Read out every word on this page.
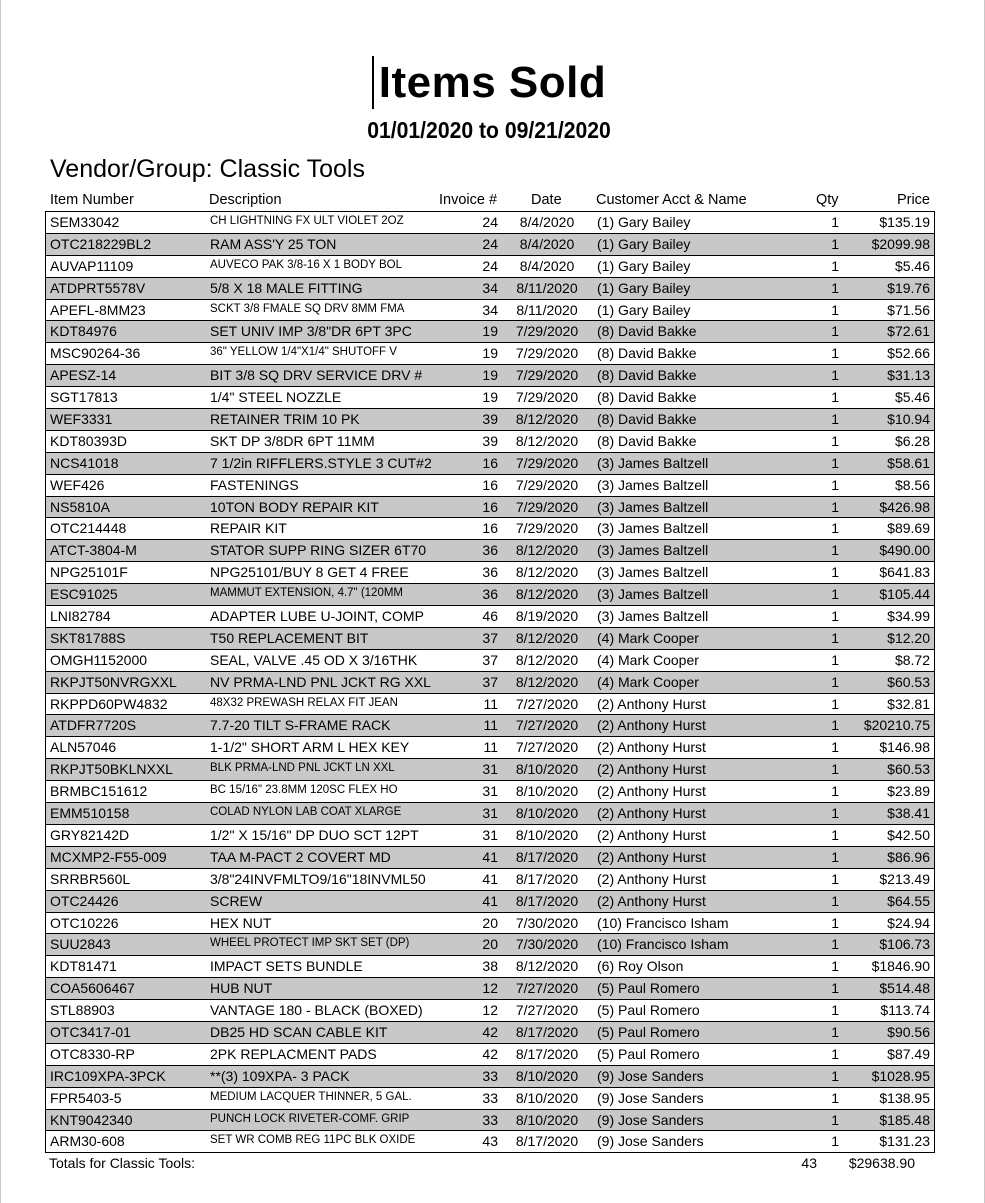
Items Sold
01/01/2020 to 09/21/2020
Vendor/Group: Classic Tools
Item Number	Description	Invoice # Date Customer Acct & Name	Qty	Price
SEM33042	CH LIGHTNING FX ULT VIOLET 2OZ	24	8/4/2020	(1) Gary Bailey	1	$135.19
OTC218229BL2	RAM ASS'Y 25 TON	24	8/4/2020	(1) Gary Bailey	1 $2099.98
AUVAP11109	AUVECO PAK 3/8-16 X 1 BODY BOL	24	8/4/2020	(1) Gary Bailey	1	$5.46
ATDPRT5578V	5/8 X 18 MALE FITTING	34	8/11/2020	(1) Gary Bailey	1	$19.76
APEFL-8MM23	SCKT 3/8 FMALE SQ DRV 8MM FMA	34	8/11/2020	(1) Gary Bailey	1	$71.56
KDT84976	SET UNIV IMP 3/8"DR 6PT 3PC	19 7/29/2020 (8) David Bakke	1	$72.61
MSC90264-36	36" YELLOW 1/4"X1/4" SHUTOFF V	19 7/29/2020 (8) David Bakke	1	$52.66
APESZ-14	BIT 3/8 SQ DRV SERVICE DRV #	19 7/29/2020 (8) David Bakke	1	$31.13
SGT17813	1/4" STEEL NOZZLE	19 7/29/2020 (8) David Bakke	1	$5.46
WEF3331	RETAINER TRIM 10 PK	39 8/12/2020 (8) David Bakke	1	$10.94
KDT80393D	SKT DP 3/8DR 6PT 11MM	39 8/12/2020 (8) David Bakke	1	$6.28
NCS41018	7 1/2in RIFFLERS.STYLE 3 CUT#2	16 7/29/2020 (3) James Baltzell	1	$58.61
WEF426	FASTENINGS	16 7/29/2020 (3) James Baltzell	1	$8.56
NS5810A	10TON BODY REPAIR KIT	16 7/29/2020 (3) James Baltzell	1	$426.98
OTC214448	REPAIR KIT	16 7/29/2020 (3) James Baltzell	1	$89.69
ATCT-3804-M	STATOR SUPP RING SIZER 6T70	36 8/12/2020 (3) James Baltzell	1	$490.00
NPG25101F	NPG25101/BUY 8 GET 4 FREE	36 8/12/2020 (3) James Baltzell	1	$641.83
ESC91025	MAMMUT EXTENSION, 4.7" (120MM	36 8/12/2020 (3) James Baltzell	1	$105.44
LNI82784	ADAPTER LUBE U-JOINT, COMP	46 8/19/2020 (3) James Baltzell	1	$34.99
SKT81788S	T50 REPLACEMENT BIT	37 8/12/2020 (4) Mark Cooper	1	$12.20
OMGH1152000	SEAL, VALVE .45 OD X 3/16THK	37 8/12/2020 (4) Mark Cooper	1	$8.72
RKPJT50NVRGXXL NV PRMA-LND PNL JCKT RG XXL	37 8/12/2020 (4) Mark Cooper	1	$60.53
RKPPD60PW4832	48X32 PREWASH RELAX FIT JEAN	11 7/27/2020 (2) Anthony Hurst	1	$32.81
ATDFR7720S	7.7-20 TILT S-FRAME RACK	11 7/27/2020 (2) Anthony Hurst	1 $20210.75
ALN57046	1-1/2" SHORT ARM L HEX KEY	11 7/27/2020 (2) Anthony Hurst	1	$146.98
RKPJT50BKLNXXL	BLK PRMA-LND PNL JCKT LN XXL	31 8/10/2020 (2) Anthony Hurst	1	$60.53
BRMBC151612	BC 15/16" 23.8MM 120SC FLEX HO	31 8/10/2020 (2) Anthony Hurst	1	$23.89
EMM510158	COLAD NYLON LAB COAT XLARGE	31 8/10/2020 (2) Anthony Hurst	1	$38.41
GRY82142D	1/2" X 15/16" DP DUO SCT 12PT	31 8/10/2020 (2) Anthony Hurst	1	$42.50
MCXMP2-F55-009	TAA M-PACT 2 COVERT MD	41 8/17/2020 (2) Anthony Hurst	1	$86.96
SRRBR560L	3/8"24INVFMLTO9/16"18INVML50	41 8/17/2020 (2) Anthony Hurst	1	$213.49
OTC24426	SCREW	41 8/17/2020 (2) Anthony Hurst	1	$64.55
OTC10226	HEX NUT	20 7/30/2020 (10) Francisco Isham	1	$24.94
SUU2843	WHEEL PROTECT IMP SKT SET (DP)	20 7/30/2020 (10) Francisco Isham	1	$106.73
KDT81471	IMPACT SETS BUNDLE	38 8/12/2020 (6) Roy Olson	1 $1846.90
COA5606467	HUB NUT	12 7/27/2020 (5) Paul Romero	1	$514.48
STL88903	VANTAGE 180 - BLACK (BOXED)	12 7/27/2020 (5) Paul Romero	1	$113.74
OTC3417-01	DB25 HD SCAN CABLE KIT	42 8/17/2020 (5) Paul Romero	1	$90.56
OTC8330-RP	2PK REPLACMENT PADS	42 8/17/2020 (5) Paul Romero	1	$87.49
IRC109XPA-3PCK	**(3) 109XPA- 3 PACK	33 8/10/2020 (9) Jose Sanders	1 $1028.95
FPR5403-5	MEDIUM LACQUER THINNER, 5 GAL.	33 8/10/2020 (9) Jose Sanders	1	$138.95
KNT9042340	PUNCH LOCK RIVETER-COMF. GRIP	33 8/10/2020 (9) Jose Sanders	1	$185.48
ARM30-608	SET WR COMB REG 11PC BLK OXIDE	43 8/17/2020 (9) Jose Sanders	1	$131.23
Totals for Classic Tools:	43 $29638.90
